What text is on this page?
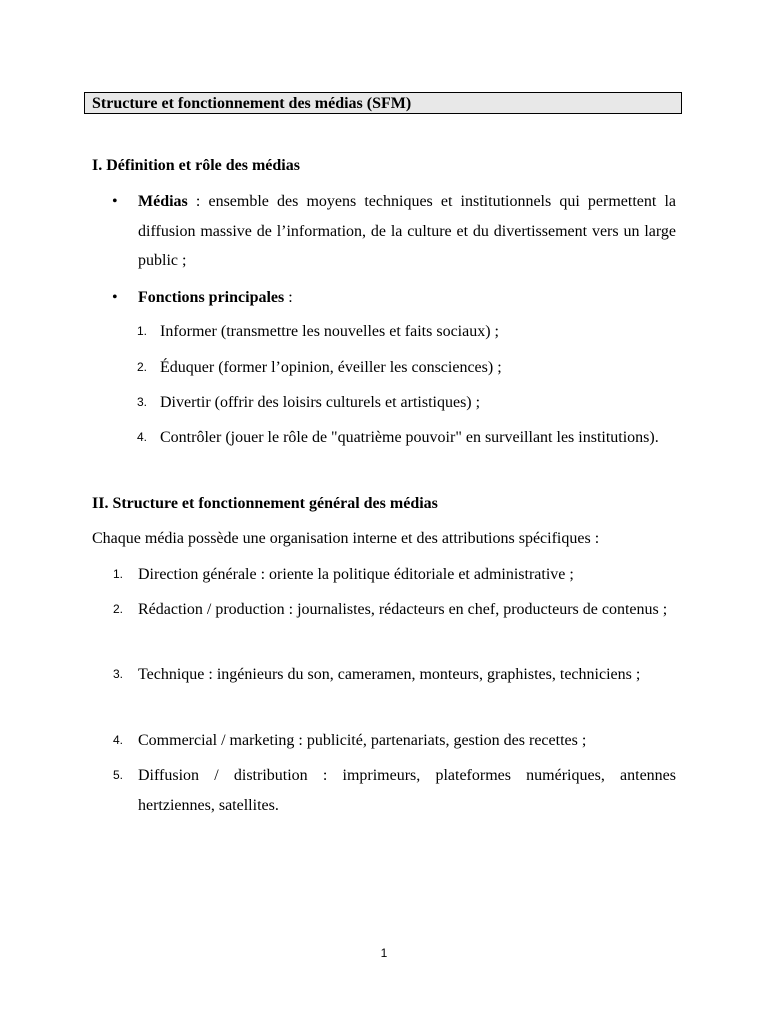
Structure et fonctionnement des médias (SFM)
I. Définition et rôle des médias
• Médias : ensemble des moyens techniques et institutionnels qui permettent la diffusion massive de l’information, de la culture et du divertissement vers un large public ;
• Fonctions principales :
1. Informer (transmettre les nouvelles et faits sociaux) ;
2. Éduquer (former l’opinion, éveiller les consciences) ;
3. Divertir (offrir des loisirs culturels et artistiques) ;
4. Contrôler (jouer le rôle de "quatrième pouvoir" en surveillant les institutions).
II. Structure et fonctionnement général des médias
Chaque média possède une organisation interne et des attributions spécifiques :
1. Direction générale : oriente la politique éditoriale et administrative ;
2. Rédaction / production : journalistes, rédacteurs en chef, producteurs de contenus ;
3. Technique : ingénieurs du son, cameramen, monteurs, graphistes, techniciens ;
4. Commercial / marketing : publicité, partenariats, gestion des recettes ;
5. Diffusion / distribution : imprimeurs, plateformes numériques, antennes hertziennes, satellites.
1
